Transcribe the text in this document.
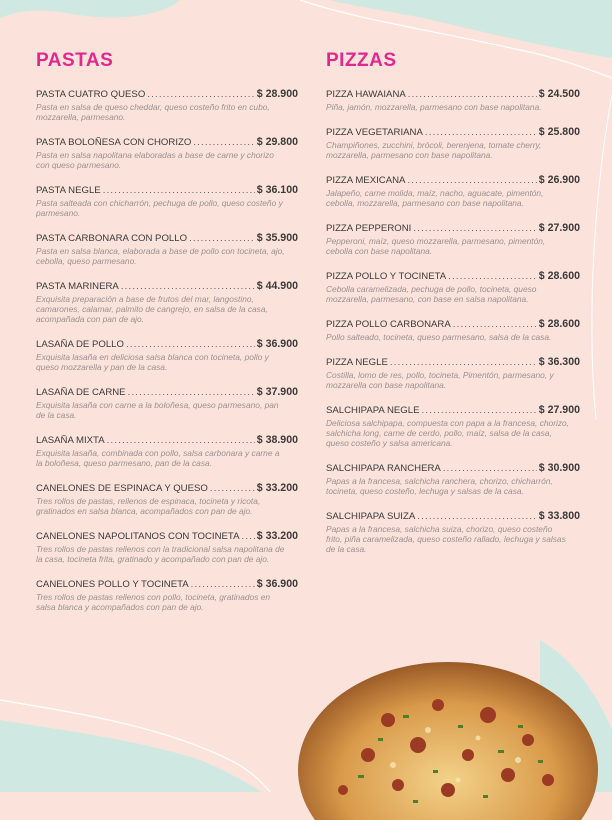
PASTAS
PASTA CUATRO QUESO .....	$ 28.900
Pasta en salsa de queso cheddar, queso costeño frito en cubo, mozzarella, parmesano.
PASTA BOLOÑESA CON CHORIZO .....	$ 29.800
Pasta en salsa napolitana elaboradas a base de carne y chorizo con queso parmesano.
PASTA NEGLE .....	$ 36.100
Pasta salteada con chicharrón, pechuga de pollo, queso costeño y parmesano.
PASTA CARBONARA CON POLLO .....	$ 35.900
Pasta en salsa blanca, elaborada a base de pollo con tocineta, ajo, cebolla, queso parmesano.
PASTA MARINERA .....	$ 44.900
Exquisita preparación a base de frutos del mar, langostino, camarones, calamar, palmito de cangrejo, en salsa de la casa, acompañada con pan de ajo.
LASAÑA DE POLLO .....	$ 36.900
Exquisita lasaña en deliciosa salsa blanca con tocineta, pollo y queso mozzarella y pan de la casa.
LASAÑA DE CARNE .....	$ 37.900
Exquisita lasaña con carne a la boloñesa, queso parmesano, pan de la casa.
LASAÑA MIXTA .....	$ 38.900
Exquisita lasaña, combinada con pollo, salsa carbonara y carne a la boloñesa, queso parmesano, pan de la casa.
CANELONES DE ESPINACA Y QUESO .....	$ 33.200
Tres rollos de pastas, rellenos de espinaca, tocineta y ricota, gratinados en salsa blanca, acompañados con pan de ajo.
CANELONES NAPOLITANOS CON TOCINETA ..... $ 33.200
Tres rollos de pastas rellenos con la tradicional salsa napolitana de la casa, tocineta frita, gratinado y acompañado con pan de ajo.
CANELONES POLLO Y TOCINETA .....	$ 36.900
Tres rollos de pastas rellenos con pollo, tocineta, gratinados en salsa blanca y acompañados con pan de ajo.
PIZZAS
PIZZA HAWAIANA .....	$ 24.500
Piña, jamón, mozzarella, parmesano con base napolitana.
PIZZA VEGETARIANA .....	$ 25.800
Champiñones, zucchini, brócoli, berenjena, tomate cherry, mozzarella, parmesano con base napolitana.
PIZZA MEXICANA .....	$ 26.900
Jalapeño, carne molida, maíz, nacho, aguacate, pimentón, cebolla, mozzarella, parmesano con base napolitana.
PIZZA PEPPERONI .....	$ 27.900
Pepperoni, maíz, queso mozzarella, parmesano, pimentón, cebolla con base napolitana.
PIZZA POLLO Y TOCINETA .....	$ 28.600
Cebolla caramelizada, pechuga de pollo, tocineta, queso mozzarella, parmesano, con base en salsa napolitana.
PIZZA POLLO CARBONARA .....	$ 28.600
Pollo salteado, tocineta, queso parmesano, salsa de la casa.
PIZZA NEGLE .....	$ 36.300
Costilla, lomo de res, pollo, tocineta, Pimentón, parmesano, y mozzarella con base napolitana.
SALCHIPAPA NEGLE .....	$ 27.900
Deliciosa salchipapa, compuesta con papa a la francesa, chorizo, salchicha long, carne de cerdo, pollo, maíz, salsa de la casa, queso costeño y salsa americana.
SALCHIPAPA RANCHERA .....	$ 30.900
Papas a la francesa, salchicha ranchera, chorizo, chicharrón, tocineta, queso costeño, lechuga y salsas de la casa.
SALCHIPAPA SUIZA .....	$ 33.800
Papas a la francesa, salchicha suiza, chorizo, queso costeño frito, piña caramelizada, queso costeño rallado, lechuga y salsas de la casa.
